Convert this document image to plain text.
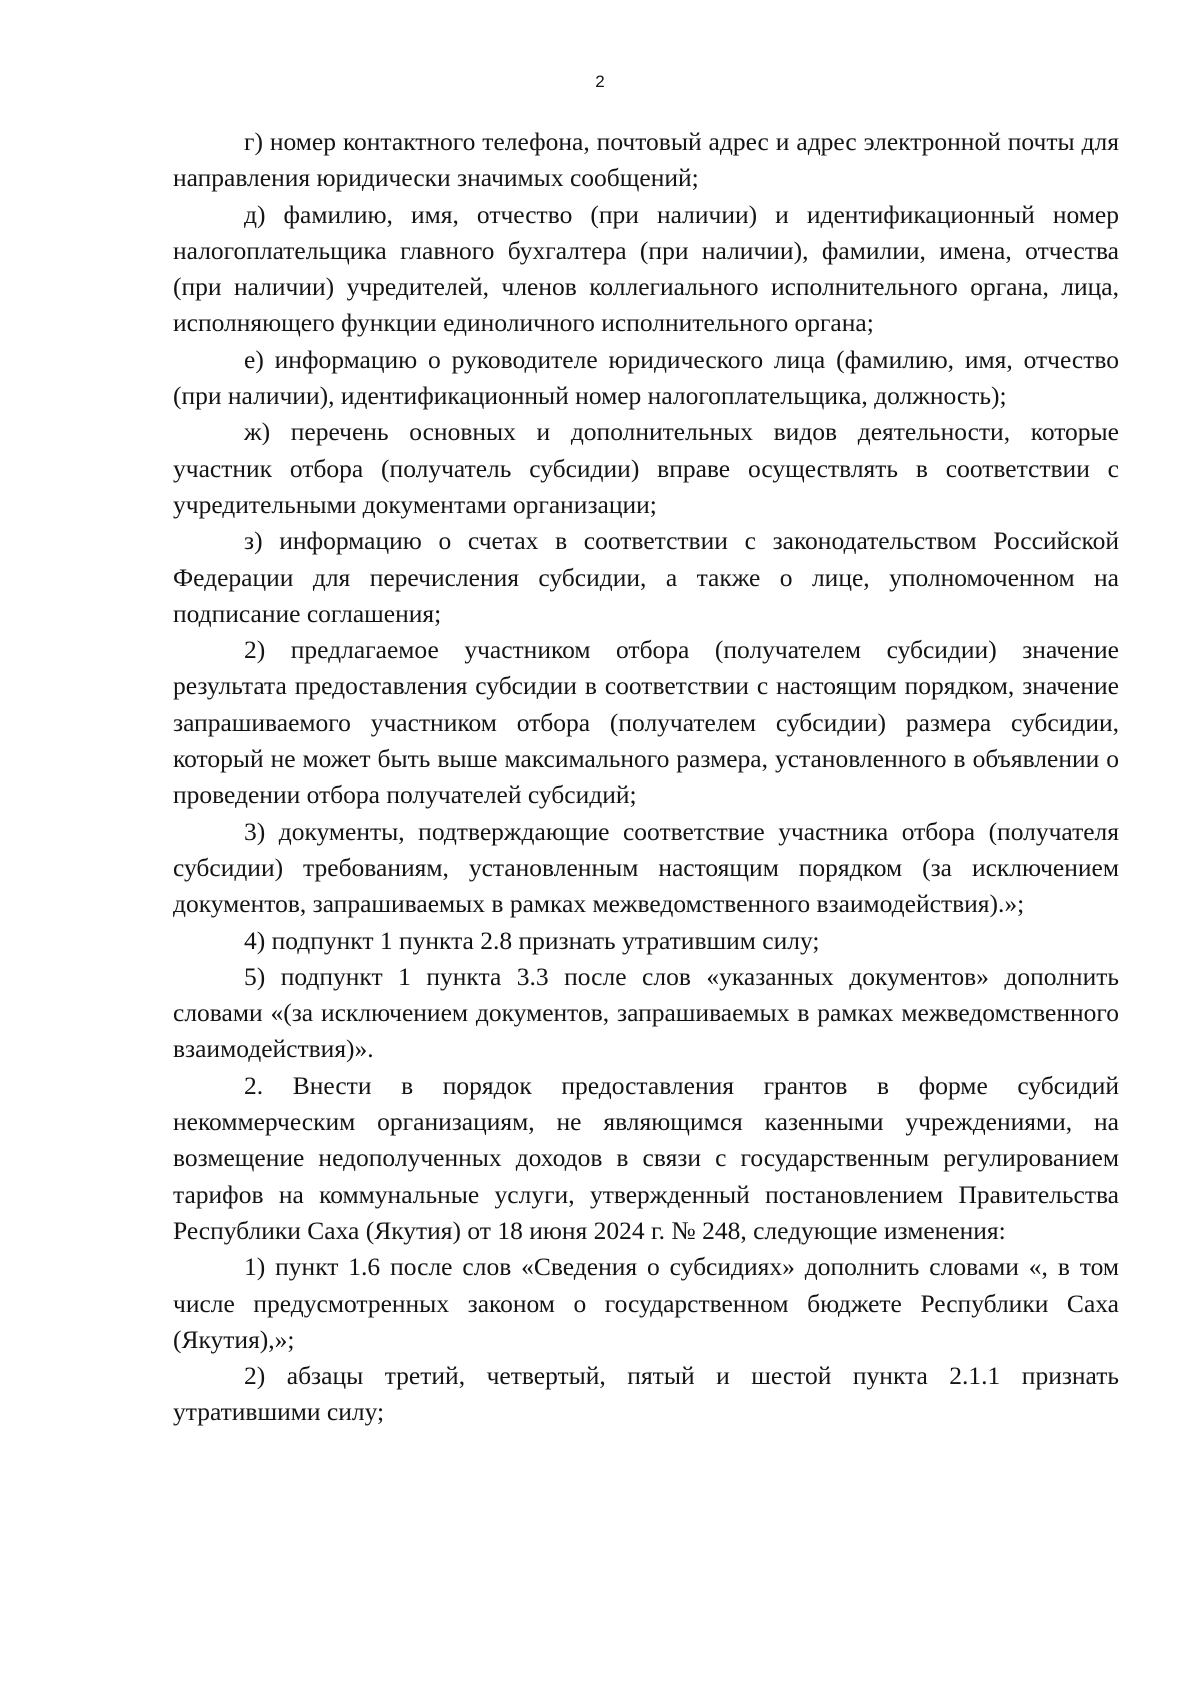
2

г) номер контактного телефона, почтовый адрес и адрес электронной почты для направления юридически значимых сообщений;

д) фамилию, имя, отчество (при наличии) и идентификационный номер налогоплательщика главного бухгалтера (при наличии), фамилии, имена, отчества (при наличии) учредителей, членов коллегиального исполнительного органа, лица, исполняющего функции единоличного исполнительного органа;

е) информацию о руководителе юридического лица (фамилию, имя, отчество (при наличии), идентификационный номер налогоплательщика, должность);

ж) перечень основных и дополнительных видов деятельности, которые участник отбора (получатель субсидии) вправе осуществлять в соответствии с учредительными документами организации;

з) информацию о счетах в соответствии с законодательством Российской Федерации для перечисления субсидии, а также о лице, уполномоченном на подписание соглашения;

2) предлагаемое участником отбора (получателем субсидии) значение результата предоставления субсидии в соответствии с настоящим порядком, значение запрашиваемого участником отбора (получателем субсидии) размера субсидии, который не может быть выше максимального размера, установленного в объявлении о проведении отбора получателей субсидий;

3) документы, подтверждающие соответствие участника отбора (получателя субсидии) требованиям, установленным настоящим порядком (за исключением документов, запрашиваемых в рамках межведомственного взаимодействия).»;

4) подпункт 1 пункта 2.8 признать утратившим силу;

5) подпункт 1 пункта 3.3 после слов «указанных документов» дополнить словами «(за исключением документов, запрашиваемых в рамках межведомственного взаимодействия)».

2. Внести в порядок предоставления грантов в форме субсидий некоммерческим организациям, не являющимся казенными учреждениями, на возмещение недополученных доходов в связи с государственным регулированием тарифов на коммунальные услуги, утвержденный постановлением Правительства Республики Саха (Якутия) от 18 июня 2024 г. № 248, следующие изменения:

1) пункт 1.6 после слов «Сведения о субсидиях» дополнить словами «, в том числе предусмотренных законом о государственном бюджете Республики Саха (Якутия),»;

2) абзацы третий, четвертый, пятый и шестой пункта 2.1.1 признать утратившими силу;
